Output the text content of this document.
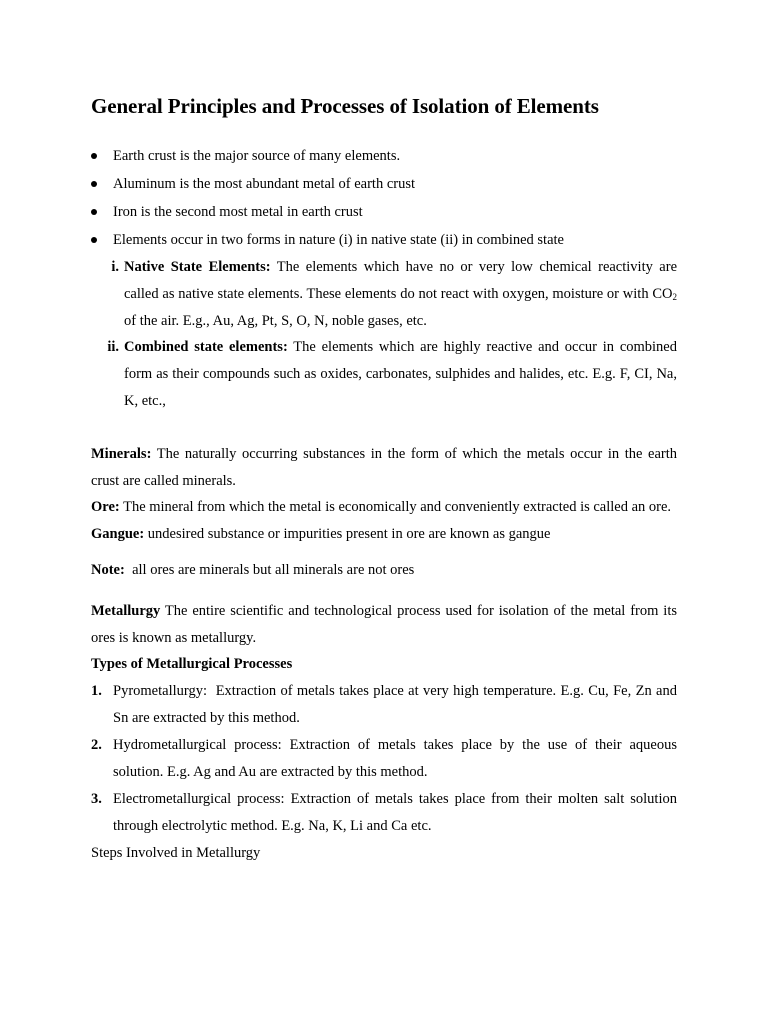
General Principles and Processes of Isolation of Elements
Earth crust is the major source of many elements.
Aluminum is the most abundant metal of earth crust
Iron is the second most metal in earth crust
Elements occur in two forms in nature (i) in native state (ii) in combined state
i. Native State Elements: The elements which have no or very low chemical reactivity are called as native state elements. These elements do not react with oxygen, moisture or with $CO_2$ of the air. E.g., Au, Ag, Pt, S, O, N, noble gases, etc.
ii. Combined state elements: The elements which are highly reactive and occur in combined form as their compounds such as oxides, carbonates, sulphides and halides, etc. E.g. F, CI, Na, K, etc.,

Minerals: The naturally occurring substances in the form of which the metals occur in the earth crust are called minerals.

Ore: The mineral from which the metal is economically and conveniently extracted is called an ore.

Gangue: undesired substance or impurities present in ore are known as gangue

Note:  all ores are minerals but all minerals are not ores

Metallurgy The entire scientific and technological process used for isolation of the metal from its ores is known as metallurgy.

Types of Metallurgical Processes

1. Pyrometallurgy:  Extraction of metals takes place at very high temperature. E.g. Cu, Fe, Zn and Sn are extracted by this method.
2. Hydrometallurgical process: Extraction of metals takes place by the use of their aqueous solution. E.g. Ag and Au are extracted by this method.
3. Electrometallurgical process: Extraction of metals takes place from their molten salt solution through electrolytic method. E.g. Na, K, Li and Ca etc.

Steps Involved in Metallurgy
